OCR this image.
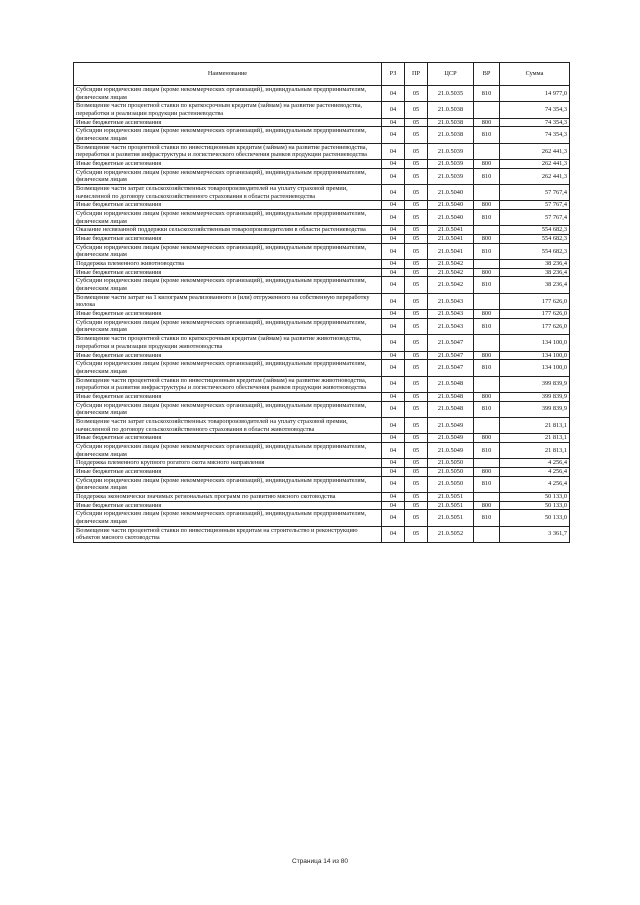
Наименование	РЗ	ПР	ЦСР	ВР	Сумма
Субсидии юридическим лицам (кроме некоммерческих организаций), индивидуальным предпринимателям, физическим лицам	04	05	21.0.5035	810	14 977,0
Возмещение части процентной ставки по краткосрочным кредитам (займам) на развитие растениеводства, переработки и реализации продукции растениеводства	04	05	21.0.5038		74 354,3
Иные бюджетные ассигнования	04	05	21.0.5038	800	74 354,3
Субсидии юридическим лицам (кроме некоммерческих организаций), индивидуальным предпринимателям, физическим лицам	04	05	21.0.5038	810	74 354,3
Возмещение части процентной ставки по инвестиционным кредитам (займам) на развитие растениеводства, переработки и развития инфраструктуры и логистического обеспечения рынков продукции растениеводства	04	05	21.0.5039		262 441,3
Иные бюджетные ассигнования	04	05	21.0.5039	800	262 441,3
Субсидии юридическим лицам (кроме некоммерческих организаций), индивидуальным предпринимателям, физическим лицам	04	05	21.0.5039	810	262 441,3
Возмещение части затрат сельскохозяйственных товаропроизводителей на уплату страховой премии, начисленной по договору сельскохозяйственного страхования в области растениеводства	04	05	21.0.5040		57 767,4
Иные бюджетные ассигнования	04	05	21.0.5040	800	57 767,4
Субсидии юридическим лицам (кроме некоммерческих организаций), индивидуальным предпринимателям, физическим лицам	04	05	21.0.5040	810	57 767,4
Оказание несвязанной поддержки сельскохозяйственным товаропроизводителям в области растениеводства	04	05	21.0.5041		554 682,3
Иные бюджетные ассигнования	04	05	21.0.5041	800	554 682,3
Субсидии юридическим лицам (кроме некоммерческих организаций), индивидуальным предпринимателям, физическим лицам	04	05	21.0.5041	810	554 682,3
Поддержка племенного животноводства	04	05	21.0.5042		38 236,4
Иные бюджетные ассигнования	04	05	21.0.5042	800	38 236,4
Субсидии юридическим лицам (кроме некоммерческих организаций), индивидуальным предпринимателям, физическим лицам	04	05	21.0.5042	810	38 236,4
Возмещение части затрат на 1 килограмм реализованного и (или) отгруженного на собственную переработку молока	04	05	21.0.5043		177 626,0
Иные бюджетные ассигнования	04	05	21.0.5043	800	177 626,0
Субсидии юридическим лицам (кроме некоммерческих организаций), индивидуальным предпринимателям, физическим лицам	04	05	21.0.5043	810	177 626,0
Возмещение части процентной ставки по краткосрочным кредитам (займам) на развитие животноводства, переработки и реализации продукции животноводства	04	05	21.0.5047		134 100,0
Иные бюджетные ассигнования	04	05	21.0.5047	800	134 100,0
Субсидии юридическим лицам (кроме некоммерческих организаций), индивидуальным предпринимателям, физическим лицам	04	05	21.0.5047	810	134 100,0
Возмещение части процентной ставки по инвестиционным кредитам (займам) на развитие животноводства, переработки и развития инфраструктуры и логистического обеспечения рынков продукции животноводства	04	05	21.0.5048		399 839,9
Иные бюджетные ассигнования	04	05	21.0.5048	800	399 839,9
Субсидии юридическим лицам (кроме некоммерческих организаций), индивидуальным предпринимателям, физическим лицам	04	05	21.0.5048	810	399 839,9
Возмещение части затрат сельскохозяйственных товаропроизводителей на уплату страховой премии, начисленной по договору сельскохозяйственного страхования в области животноводства	04	05	21.0.5049		21 813,1
Иные бюджетные ассигнования	04	05	21.0.5049	800	21 813,1
Субсидии юридическим лицам (кроме некоммерческих организаций), индивидуальным предпринимателям, физическим лицам	04	05	21.0.5049	810	21 813,1
Поддержка племенного крупного рогатого скота мясного направления	04	05	21.0.5050		4 256,4
Иные бюджетные ассигнования	04	05	21.0.5050	800	4 256,4
Субсидии юридическим лицам (кроме некоммерческих организаций), индивидуальным предпринимателям, физическим лицам	04	05	21.0.5050	810	4 256,4
Поддержка экономически значимых региональных программ по развитию мясного скотоводства	04	05	21.0.5051		50 133,0
Иные бюджетные ассигнования	04	05	21.0.5051	800	50 133,0
Субсидии юридическим лицам (кроме некоммерческих организаций), индивидуальным предпринимателям, физическим лицам	04	05	21.0.5051	810	50 133,0
Возмещение части процентной ставки по инвестиционным кредитам на строительство и реконструкцию объектов мясного скотоводства	04	05	21.0.5052		3 361,7
Страница 14 из 80
